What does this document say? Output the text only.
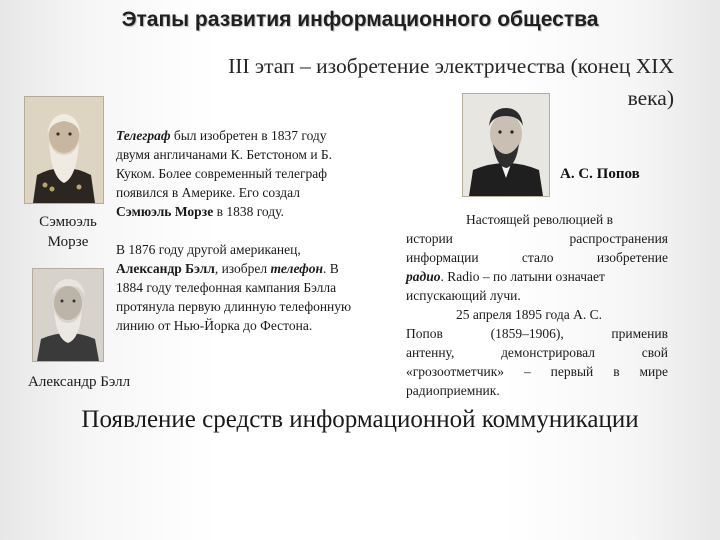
Этапы развития информационного общества
III этап – изобретение электричества (конец XIX
века)
Сэмюэль
Морзе
Александр Бэлл
Телеграф был изобретен в 1837 году
двумя англичанами К. Бетстоном и Б.
Куком. Более современный телеграф
появился в Америке. Его создал
Сэмюэль Морзе в 1838 году.
В 1876 году другой американец,
Александр Бэлл, изобрел телефон. В
1884 году телефонная кампания Бэлла
протянула первую длинную телефонную
линию от Нью-Йорка до Фестона.
А. С. Попов
Настоящей революцией в
истории	распространения
информации	стало	изобретение
радио. Radio – по латыни означает
испускающий лучи.
25 апреля 1895 года А. С.
Попов	(1859–1906),	применив
антенну,	демонстрировал	свой
«грозоотметчик» – первый в мире
радиоприемник.
Появление средств информационной коммуникации
